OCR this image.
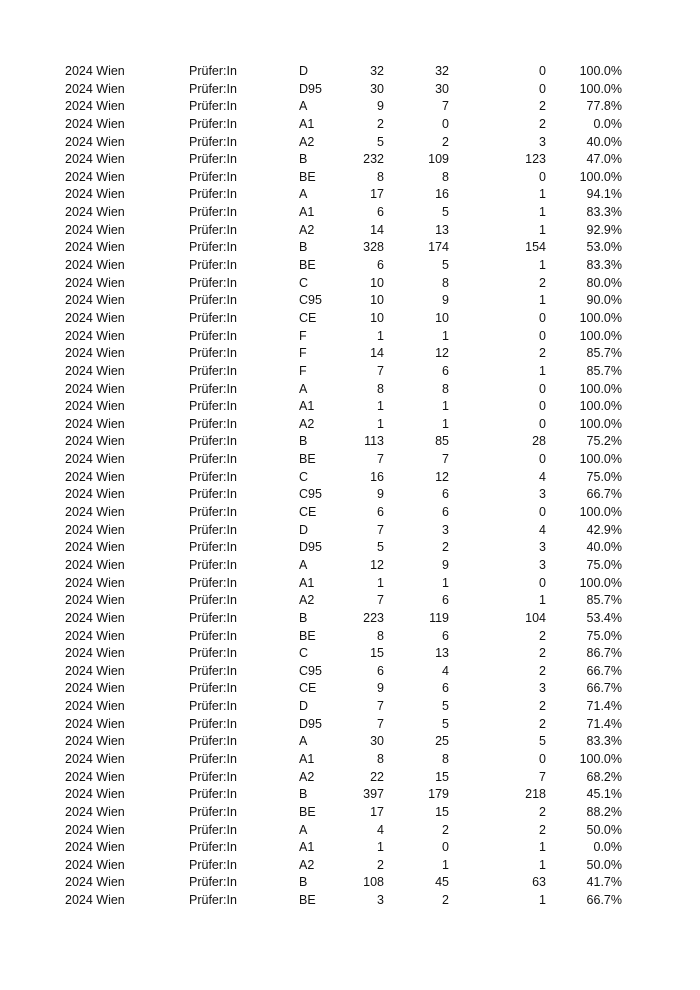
2024 Wien	Prüfer:In	D	32	32	0	100.0%
2024 Wien	Prüfer:In	D95	30	30	0	100.0%
2024 Wien	Prüfer:In	A	9	7	2	77.8%
2024 Wien	Prüfer:In	A1	2	0	2	0.0%
2024 Wien	Prüfer:In	A2	5	2	3	40.0%
2024 Wien	Prüfer:In	B	232	109	123	47.0%
2024 Wien	Prüfer:In	BE	8	8	0	100.0%
2024 Wien	Prüfer:In	A	17	16	1	94.1%
2024 Wien	Prüfer:In	A1	6	5	1	83.3%
2024 Wien	Prüfer:In	A2	14	13	1	92.9%
2024 Wien	Prüfer:In	B	328	174	154	53.0%
2024 Wien	Prüfer:In	BE	6	5	1	83.3%
2024 Wien	Prüfer:In	C	10	8	2	80.0%
2024 Wien	Prüfer:In	C95	10	9	1	90.0%
2024 Wien	Prüfer:In	CE	10	10	0	100.0%
2024 Wien	Prüfer:In	F	1	1	0	100.0%
2024 Wien	Prüfer:In	F	14	12	2	85.7%
2024 Wien	Prüfer:In	F	7	6	1	85.7%
2024 Wien	Prüfer:In	A	8	8	0	100.0%
2024 Wien	Prüfer:In	A1	1	1	0	100.0%
2024 Wien	Prüfer:In	A2	1	1	0	100.0%
2024 Wien	Prüfer:In	B	113	85	28	75.2%
2024 Wien	Prüfer:In	BE	7	7	0	100.0%
2024 Wien	Prüfer:In	C	16	12	4	75.0%
2024 Wien	Prüfer:In	C95	9	6	3	66.7%
2024 Wien	Prüfer:In	CE	6	6	0	100.0%
2024 Wien	Prüfer:In	D	7	3	4	42.9%
2024 Wien	Prüfer:In	D95	5	2	3	40.0%
2024 Wien	Prüfer:In	A	12	9	3	75.0%
2024 Wien	Prüfer:In	A1	1	1	0	100.0%
2024 Wien	Prüfer:In	A2	7	6	1	85.7%
2024 Wien	Prüfer:In	B	223	119	104	53.4%
2024 Wien	Prüfer:In	BE	8	6	2	75.0%
2024 Wien	Prüfer:In	C	15	13	2	86.7%
2024 Wien	Prüfer:In	C95	6	4	2	66.7%
2024 Wien	Prüfer:In	CE	9	6	3	66.7%
2024 Wien	Prüfer:In	D	7	5	2	71.4%
2024 Wien	Prüfer:In	D95	7	5	2	71.4%
2024 Wien	Prüfer:In	A	30	25	5	83.3%
2024 Wien	Prüfer:In	A1	8	8	0	100.0%
2024 Wien	Prüfer:In	A2	22	15	7	68.2%
2024 Wien	Prüfer:In	B	397	179	218	45.1%
2024 Wien	Prüfer:In	BE	17	15	2	88.2%
2024 Wien	Prüfer:In	A	4	2	2	50.0%
2024 Wien	Prüfer:In	A1	1	0	1	0.0%
2024 Wien	Prüfer:In	A2	2	1	1	50.0%
2024 Wien	Prüfer:In	B	108	45	63	41.7%
2024 Wien	Prüfer:In	BE	3	2	1	66.7%
